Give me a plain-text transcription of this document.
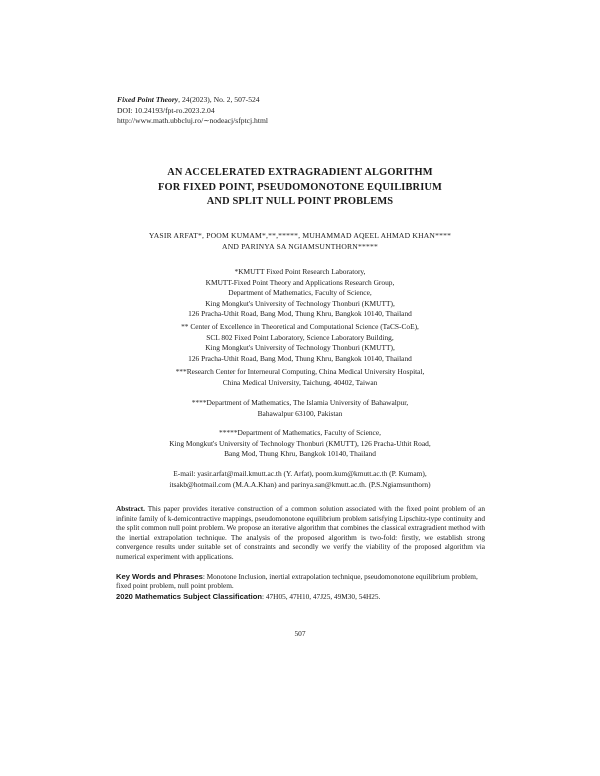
Fixed Point Theory, 24(2023), No. 2, 507-524
DOI: 10.24193/fpt-ro.2023.2.04
http://www.math.ubbcluj.ro/∼nodeacj/sfptcj.html
AN ACCELERATED EXTRAGRADIENT ALGORITHM
FOR FIXED POINT, PSEUDOMONOTONE EQUILIBRIUM
AND SPLIT NULL POINT PROBLEMS
YASIR ARFAT*, POOM KUMAM*,**,*****, MUHAMMAD AQEEL AHMAD KHAN****
AND PARINYA SA NGIAMSUNTHORN*****
*KMUTT Fixed Point Research Laboratory,
KMUTT-Fixed Point Theory and Applications Research Group,
Department of Mathematics, Faculty of Science,
King Mongkut's University of Technology Thonburi (KMUTT),
126 Pracha-Uthit Road, Bang Mod, Thung Khru, Bangkok 10140, Thailand
** Center of Excellence in Theoretical and Computational Science (TaCS-CoE),
SCL 802 Fixed Point Laboratory, Science Laboratory Building,
King Mongkut's University of Technology Thonburi (KMUTT),
126 Pracha-Uthit Road, Bang Mod, Thung Khru, Bangkok 10140, Thailand
***Research Center for Interneural Computing, China Medical University Hospital,
China Medical University, Taichung, 40402, Taiwan
****Department of Mathematics, The Islamia University of Bahawalpur,
Bahawalpur 63100, Pakistan
*****Department of Mathematics, Faculty of Science,
King Mongkut's University of Technology Thonburi (KMUTT), 126 Pracha-Uthit Road,
Bang Mod, Thung Khru, Bangkok 10140, Thailand
E-mail: yasir.arfat@mail.kmutt.ac.th (Y. Arfat), poom.kum@kmutt.ac.th (P. Kumam),
itsakb@hotmail.com (M.A.A.Khan) and parinya.san@kmutt.ac.th. (P.S.Ngiamsunthorn)
Abstract. This paper provides iterative construction of a common solution associated with the fixed point problem of an infinite family of k-demicontractive mappings, pseudomonotone equilibrium problem satisfying Lipschitz-type continuity and the split common null point problem. We propose an iterative algorithm that combines the classical extragradient method with the inertial extrapolation technique. The analysis of the proposed algorithm is two-fold: firstly, we establish strong convergence results under suitable set of constraints and secondly we verify the viability of the proposed algorithm via numerical experiment with applications.
Key Words and Phrases: Monotone Inclusion, inertial extrapolation technique, pseudomonotone equilibrium problem, fixed point problem, null point problem.
2020 Mathematics Subject Classification: 47H05, 47H10, 47J25, 49M30, 54H25.
507
